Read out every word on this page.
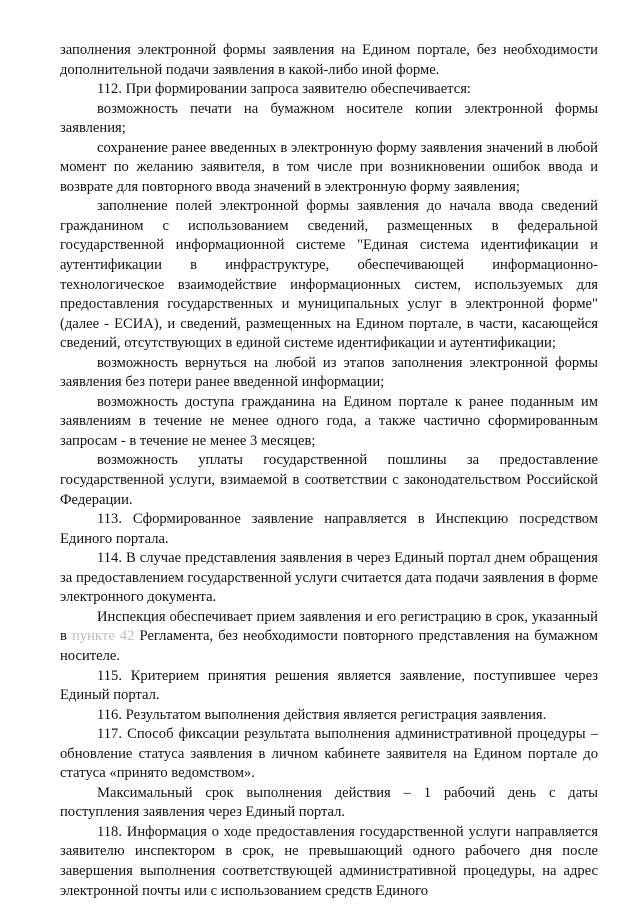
заполнения электронной формы заявления на Едином портале, без необходимости дополнительной подачи заявления в какой-либо иной форме.

112. При формировании запроса заявителю обеспечивается:

возможность печати на бумажном носителе копии электронной формы заявления;

сохранение ранее введенных в электронную форму заявления значений в любой момент по желанию заявителя, в том числе при возникновении ошибок ввода и возврате для повторного ввода значений в электронную форму заявления;

заполнение полей электронной формы заявления до начала ввода сведений гражданином с использованием сведений, размещенных в федеральной государственной информационной системе "Единая система идентификации и аутентификации в инфраструктуре, обеспечивающей информационно-технологическое взаимодействие информационных систем, используемых для предоставления государственных и муниципальных услуг в электронной форме" (далее - ЕСИА), и сведений, размещенных на Едином портале, в части, касающейся сведений, отсутствующих в единой системе идентификации и аутентификации;

возможность вернуться на любой из этапов заполнения электронной формы заявления без потери ранее введенной информации;

возможность доступа гражданина на Едином портале к ранее поданным им заявлениям в течение не менее одного года, а также частично сформированным запросам - в течение не менее 3 месяцев;

возможность уплаты государственной пошлины за предоставление государственной услуги, взимаемой в соответствии с законодательством Российской Федерации.

113. Сформированное заявление направляется в Инспекцию посредством Единого портала.

114. В случае представления заявления в через Единый портал днем обращения за предоставлением государственной услуги считается дата подачи заявления в форме электронного документа.

Инспекция обеспечивает прием заявления и его регистрацию в срок, указанный в пункте 42 Регламента, без необходимости повторного представления на бумажном носителе.

115. Критерием принятия решения является заявление, поступившее через Единый портал.

116. Результатом выполнения действия является регистрация заявления.

117. Способ фиксации результата выполнения административной процедуры – обновление статуса заявления в личном кабинете заявителя на Едином портале до статуса «принято ведомством».

Максимальный срок выполнения действия – 1 рабочий день с даты поступления заявления через Единый портал.

118. Информация о ходе предоставления государственной услуги направляется заявителю инспектором в срок, не превышающий одного рабочего дня после завершения выполнения соответствующей административной процедуры, на адрес электронной почты или с использованием средств Единого
